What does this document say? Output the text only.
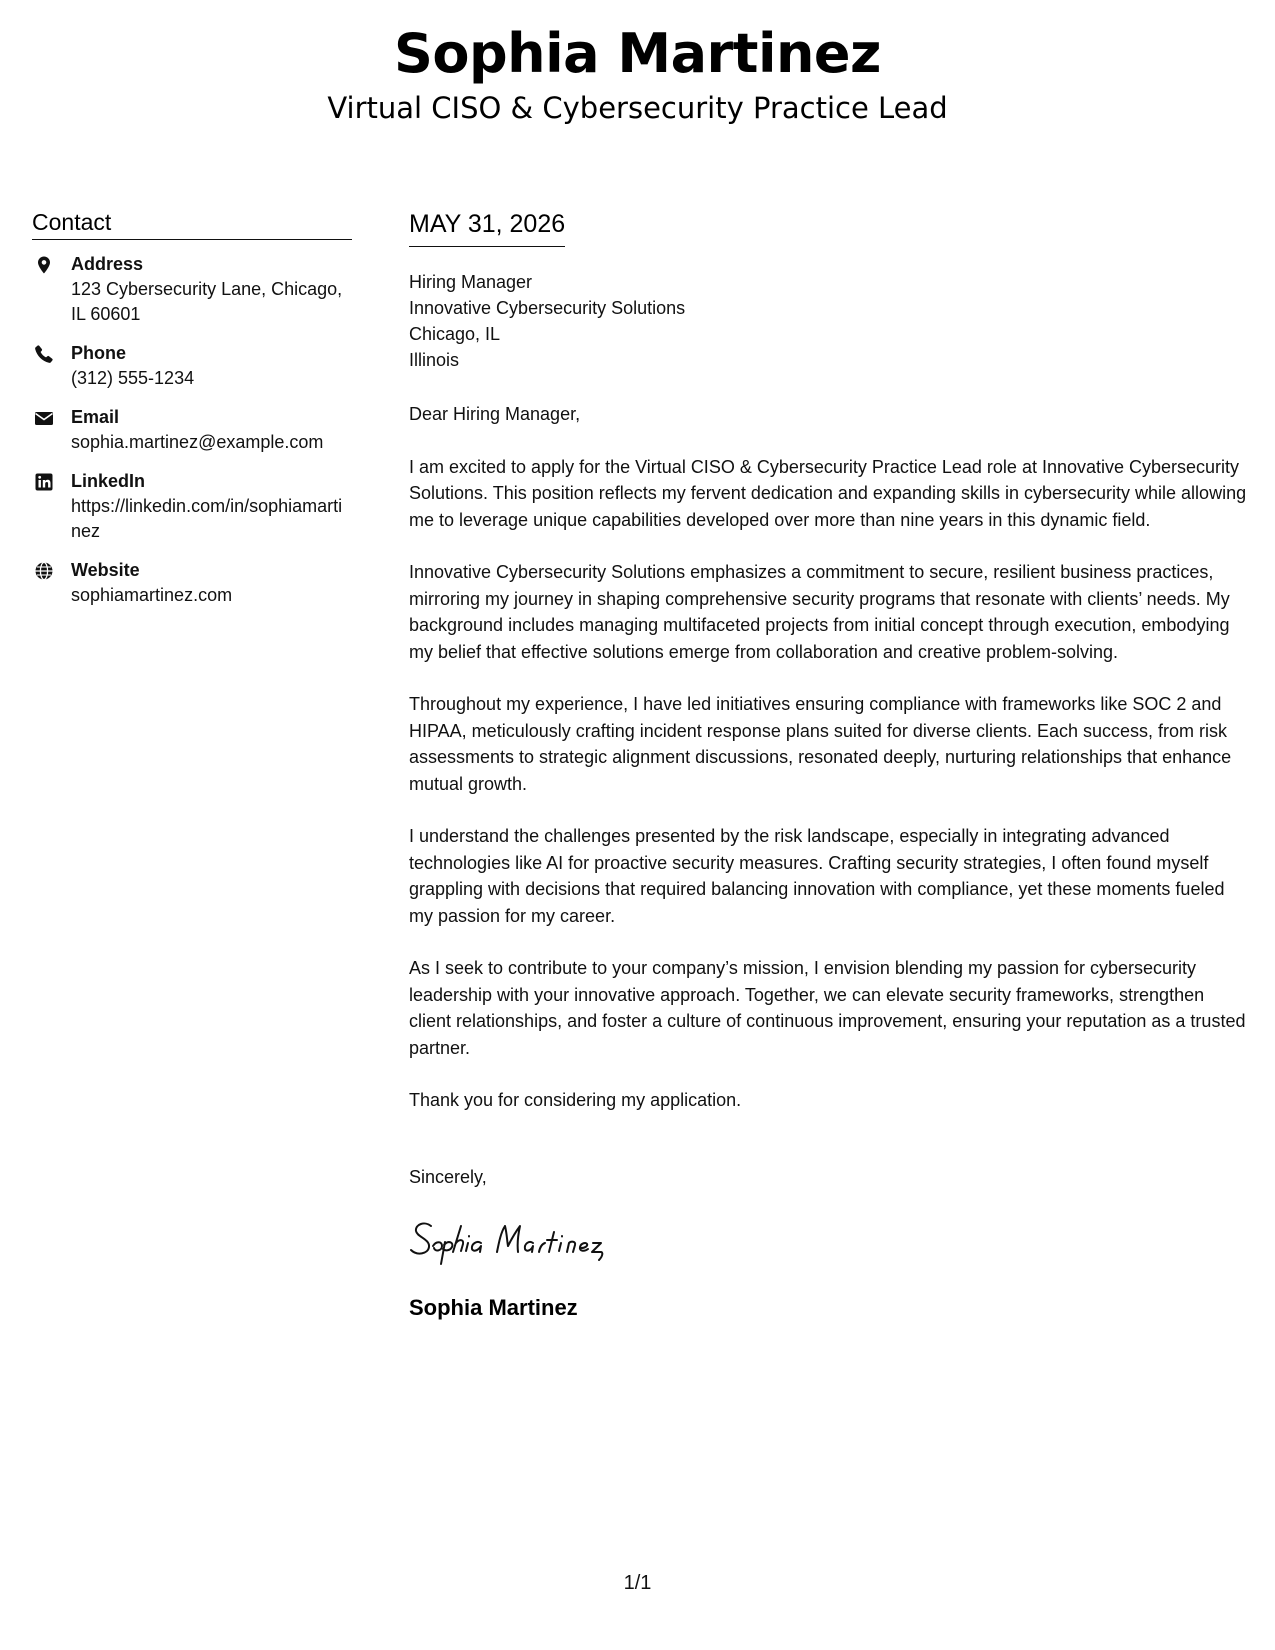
Sophia Martinez
Virtual CISO & Cybersecurity Practice Lead
Contact
Address
123 Cybersecurity Lane, Chicago, IL 60601
Phone
(312) 555-1234
Email
sophia.martinez@example.com
LinkedIn
https://linkedin.com/in/sophiamartinez
Website
sophiamartinez.com
MAY 31, 2026
Hiring Manager
Innovative Cybersecurity Solutions
Chicago, IL
Illinois

Dear Hiring Manager,

I am excited to apply for the Virtual CISO & Cybersecurity Practice Lead role at Innovative Cybersecurity Solutions. This position reflects my fervent dedication and expanding skills in cybersecurity while allowing me to leverage unique capabilities developed over more than nine years in this dynamic field.

Innovative Cybersecurity Solutions emphasizes a commitment to secure, resilient business practices, mirroring my journey in shaping comprehensive security programs that resonate with clients’ needs. My background includes managing multifaceted projects from initial concept through execution, embodying my belief that effective solutions emerge from collaboration and creative problem-solving.

Throughout my experience, I have led initiatives ensuring compliance with frameworks like SOC 2 and HIPAA, meticulously crafting incident response plans suited for diverse clients. Each success, from risk assessments to strategic alignment discussions, resonated deeply, nurturing relationships that enhance mutual growth.

I understand the challenges presented by the risk landscape, especially in integrating advanced technologies like AI for proactive security measures. Crafting security strategies, I often found myself grappling with decisions that required balancing innovation with compliance, yet these moments fueled my passion for my career.

As I seek to contribute to your company’s mission, I envision blending my passion for cybersecurity leadership with your innovative approach. Together, we can elevate security frameworks, strengthen client relationships, and foster a culture of continuous improvement, ensuring your reputation as a trusted partner.

Thank you for considering my application.

Sincerely,
Sophia Martinez
1/1
